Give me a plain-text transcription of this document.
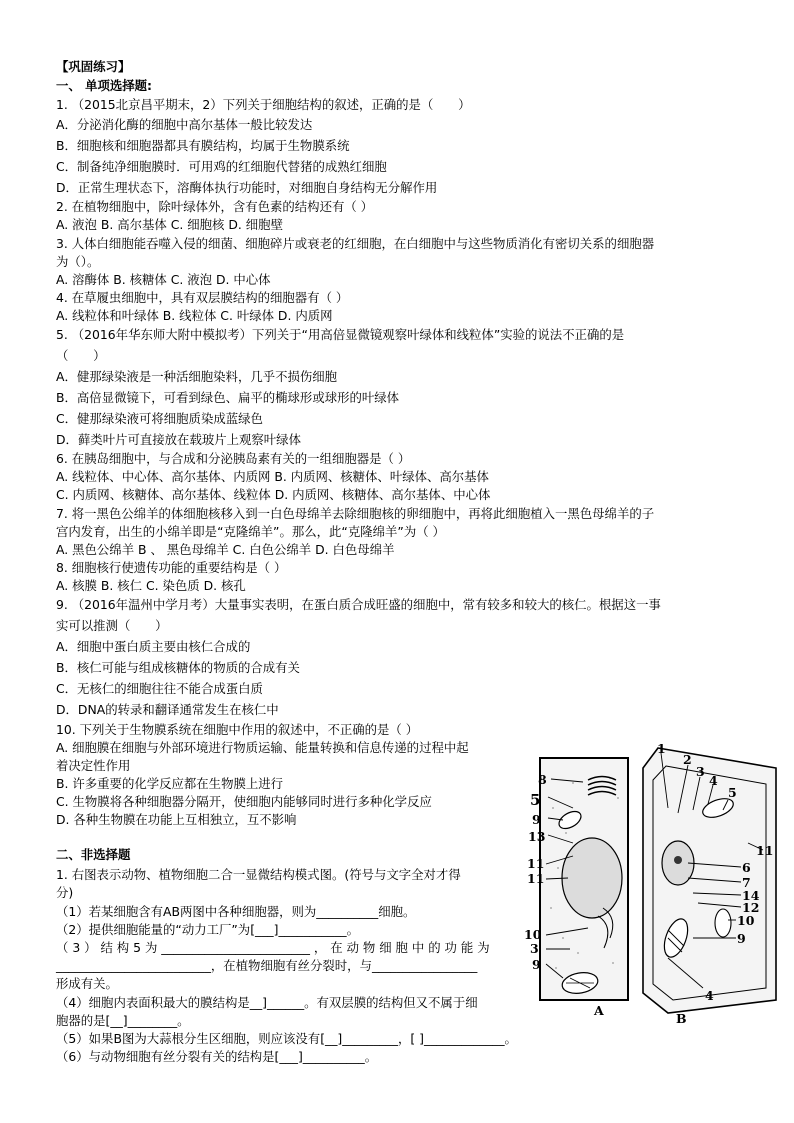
【巩固练习】
一、 单项选择题:
1. （2015北京昌平期末，2）下列关于细胞结构的叙述，正确的是（　　）
A．分泌消化酶的细胞中高尔基体一般比较发达
B．细胞核和细胞器都具有膜结构，均属于生物膜系统
C．制备纯净细胞膜时．可用鸡的红细胞代替猪的成熟红细胞
D．正常生理状态下，溶酶体执行功能时，对细胞自身结构无分解作用
2. 在植物细胞中，除叶绿体外，含有色素的结构还有（ ）
A. 液泡 B. 高尔基体 C. 细胞核 D. 细胞壁
3. 人体白细胞能吞噬入侵的细菌、细胞碎片或衰老的红细胞，在白细胞中与这些物质消化有密切关系的细胞器
为（）。
A. 溶酶体 B. 核糖体 C. 液泡 D. 中心体
4. 在草履虫细胞中，具有双层膜结构的细胞器有（ ）
A. 线粒体和叶绿体 B. 线粒体 C. 叶绿体 D. 内质网
5. （2016年华东师大附中模拟考）下列关于“用高倍显微镜观察叶绿体和线粒体”实验的说法不正确的是
（　　）
A．健那绿染液是一种活细胞染料，几乎不损伤细胞
B．高倍显微镜下，可看到绿色、扁平的椭球形或球形的叶绿体
C．健那绿染液可将细胞质染成蓝绿色
D．藓类叶片可直接放在载玻片上观察叶绿体
6. 在胰岛细胞中，与合成和分泌胰岛素有关的一组细胞器是（ ）
A. 线粒体、中心体、高尔基体、内质网 B. 内质网、核糖体、叶绿体、高尔基体
C. 内质网、核糖体、高尔基体、线粒体 D. 内质网、核糖体、高尔基体、中心体
7. 将一黑色公绵羊的体细胞核移入到一白色母绵羊去除细胞核的卵细胞中，再将此细胞植入一黑色母绵羊的子
宫内发育，出生的小绵羊即是“克隆绵羊”。那么，此“克隆绵羊”为（ ）
A. 黑色公绵羊 B 、 黑色母绵羊 C. 白色公绵羊 D. 白色母绵羊
8. 细胞核行使遗传功能的重要结构是（ ）
A. 核膜 B. 核仁 C. 染色质 D. 核孔
9. （2016年温州中学月考）大量事实表明，在蛋白质合成旺盛的细胞中，常有较多和较大的核仁。根据这一事
实可以推测（　　）
A．细胞中蛋白质主要由核仁合成的
B．核仁可能与组成核糖体的物质的合成有关
C．无核仁的细胞往往不能合成蛋白质
D．DNA的转录和翻译通常发生在核仁中
10. 下列关于生物膜系统在细胞中作用的叙述中，不正确的是（ ）
A. 细胞膜在细胞与外部环境进行物质运输、能量转换和信息传递的过程中起
着决定性作用
B. 许多重要的化学反应都在生物膜上进行
C. 生物膜将各种细胞器分隔开，使细胞内能够同时进行多种化学反应
D. 各种生物膜在功能上互相独立，互不影响
二、非选择题
1. 右图表示动物、植物细胞二合一显微结构模式图。(符号与文字全对才得
分)
（1）若某细胞含有AB两图中各种细胞器，则为__________细胞。
（2）提供细胞能量的“动力工厂”为[___]___________。
（ 3 ） 结 构 5 为 ________________________ ， 在 动 物 细 胞 中 的 功 能 为
_________________________，在植物细胞有丝分裂时，与_________________
形成有关。
（4）细胞内表面积最大的膜结构是__]______。有双层膜的结构但又不属于细
胞器的是[__]________。
（5）如果B图为大蒜根分生区细胞，则应该没有[__]_________，[ ]_____________。
（6）与动物细胞有丝分裂有关的结构是[___]__________。
8
5
9
13
11
11
10
3
9
1
2
3
4
5
11
6
7
14
12
10
9
4
A
B
